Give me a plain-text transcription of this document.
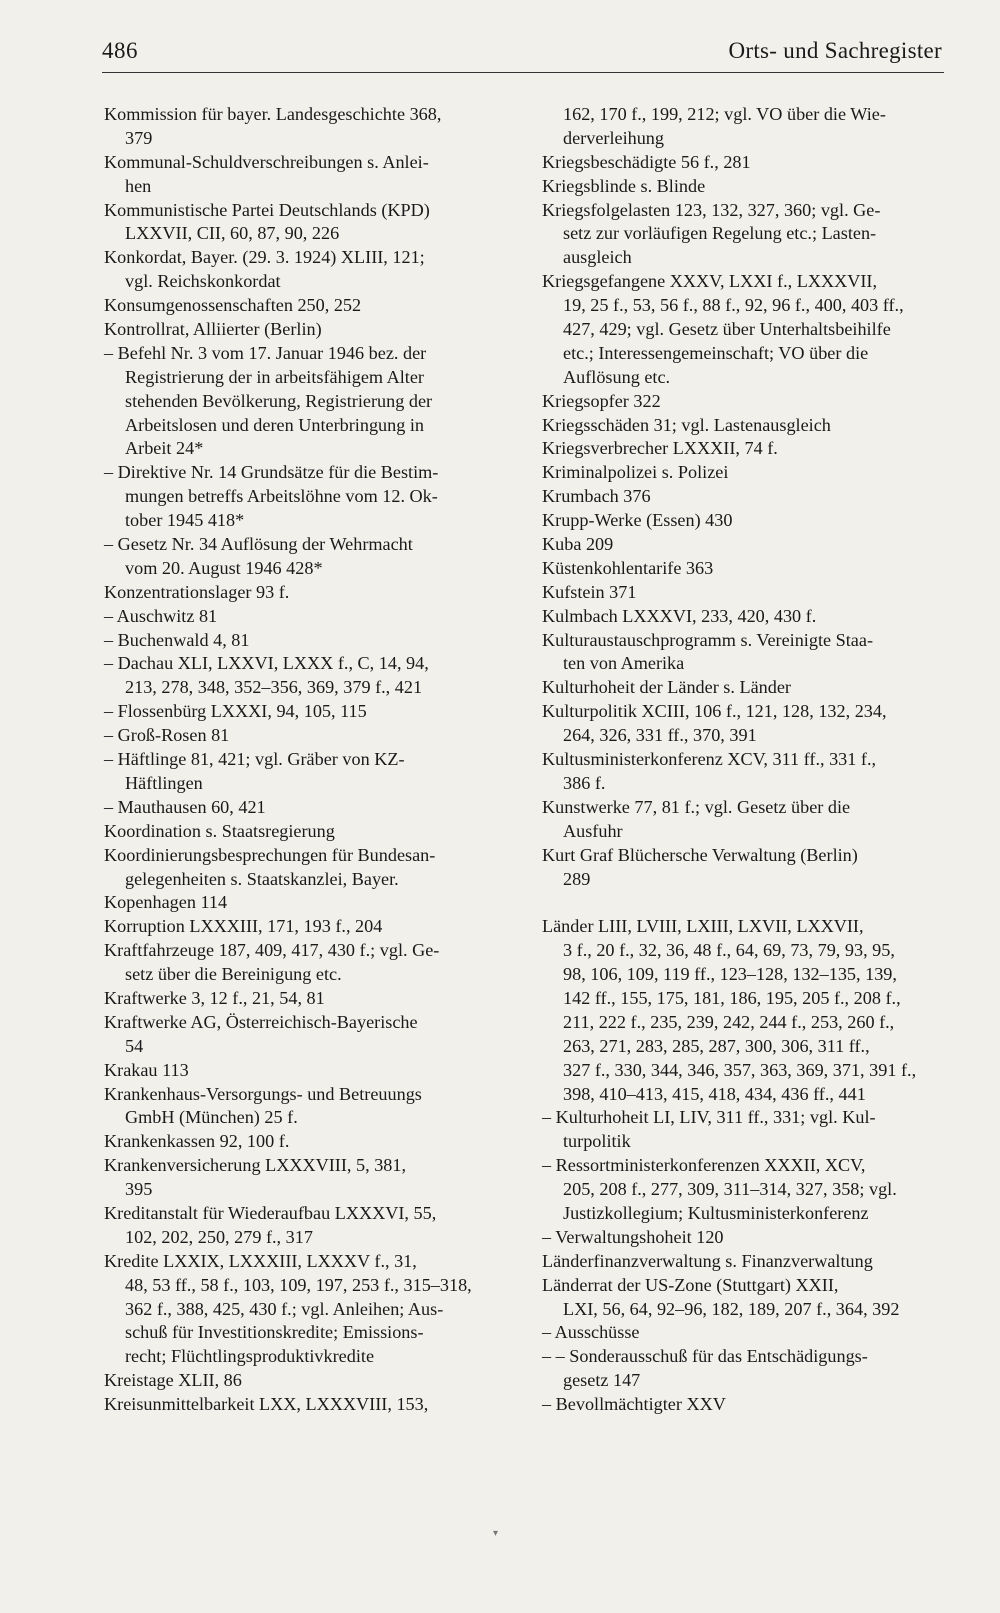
486	Orts- und Sachregister
Kommission für bayer. Landesgeschichte 368,
379
Kommunal-Schuldverschreibungen s. Anlei-
hen
Kommunistische Partei Deutschlands (KPD)
LXXVII, CII, 60, 87, 90, 226
Konkordat, Bayer. (29. 3. 1924) XLIII, 121;
vgl. Reichskonkordat
Konsumgenossenschaften 250, 252
Kontrollrat, Alliierter (Berlin)
– Befehl Nr. 3 vom 17. Januar 1946 bez. der
Registrierung der in arbeitsfähigem Alter
stehenden Bevölkerung, Registrierung der
Arbeitslosen und deren Unterbringung in
Arbeit 24*
– Direktive Nr. 14 Grundsätze für die Bestim-
mungen betreffs Arbeitslöhne vom 12. Ok-
tober 1945 418*
– Gesetz Nr. 34 Auflösung der Wehrmacht
vom 20. August 1946 428*
Konzentrationslager 93 f.
– Auschwitz 81
– Buchenwald 4, 81
– Dachau XLI, LXXVI, LXXX f., C, 14, 94,
213, 278, 348, 352–356, 369, 379 f., 421
– Flossenbürg LXXXI, 94, 105, 115
– Groß-Rosen 81
– Häftlinge 81, 421; vgl. Gräber von KZ-
Häftlingen
– Mauthausen 60, 421
Koordination s. Staatsregierung
Koordinierungsbesprechungen für Bundesan-
gelegenheiten s. Staatskanzlei, Bayer.
Kopenhagen 114
Korruption LXXXIII, 171, 193 f., 204
Kraftfahrzeuge 187, 409, 417, 430 f.; vgl. Ge-
setz über die Bereinigung etc.
Kraftwerke 3, 12 f., 21, 54, 81
Kraftwerke AG, Österreichisch-Bayerische
54
Krakau 113
Krankenhaus-Versorgungs- und Betreuungs
GmbH (München) 25 f.
Krankenkassen 92, 100 f.
Krankenversicherung LXXXVIII, 5, 381,
395
Kreditanstalt für Wiederaufbau LXXXVI, 55,
102, 202, 250, 279 f., 317
Kredite LXXIX, LXXXIII, LXXXV f., 31,
48, 53 ff., 58 f., 103, 109, 197, 253 f., 315–318,
362 f., 388, 425, 430 f.; vgl. Anleihen; Aus-
schuß für Investitionskredite; Emissions-
recht; Flüchtlingsproduktivkredite
Kreistage XLII, 86
Kreisunmittelbarkeit LXX, LXXXVIII, 153,
162, 170 f., 199, 212; vgl. VO über die Wie-
derverleihung
Kriegsbeschädigte 56 f., 281
Kriegsblinde s. Blinde
Kriegsfolgelasten 123, 132, 327, 360; vgl. Ge-
setz zur vorläufigen Regelung etc.; Lasten-
ausgleich
Kriegsgefangene XXXV, LXXI f., LXXXVII,
19, 25 f., 53, 56 f., 88 f., 92, 96 f., 400, 403 ff.,
427, 429; vgl. Gesetz über Unterhaltsbeihilfe
etc.; Interessengemeinschaft; VO über die
Auflösung etc.
Kriegsopfer 322
Kriegsschäden 31; vgl. Lastenausgleich
Kriegsverbrecher LXXXII, 74 f.
Kriminalpolizei s. Polizei
Krumbach 376
Krupp-Werke (Essen) 430
Kuba 209
Küstenkohlentarife 363
Kufstein 371
Kulmbach LXXXVI, 233, 420, 430 f.
Kulturaustauschprogramm s. Vereinigte Staa-
ten von Amerika
Kulturhoheit der Länder s. Länder
Kulturpolitik XCIII, 106 f., 121, 128, 132, 234,
264, 326, 331 ff., 370, 391
Kultusministerkonferenz XCV, 311 ff., 331 f.,
386 f.
Kunstwerke 77, 81 f.; vgl. Gesetz über die
Ausfuhr
Kurt Graf Blüchersche Verwaltung (Berlin)
289
Länder LIII, LVIII, LXIII, LXVII, LXXVII,
3 f., 20 f., 32, 36, 48 f., 64, 69, 73, 79, 93, 95,
98, 106, 109, 119 ff., 123–128, 132–135, 139,
142 ff., 155, 175, 181, 186, 195, 205 f., 208 f.,
211, 222 f., 235, 239, 242, 244 f., 253, 260 f.,
263, 271, 283, 285, 287, 300, 306, 311 ff.,
327 f., 330, 344, 346, 357, 363, 369, 371, 391 f.,
398, 410–413, 415, 418, 434, 436 ff., 441
– Kulturhoheit LI, LIV, 311 ff., 331; vgl. Kul-
turpolitik
– Ressortministerkonferenzen XXXII, XCV,
205, 208 f., 277, 309, 311–314, 327, 358; vgl.
Justizkollegium; Kultusministerkonferenz
– Verwaltungshoheit 120
Länderfinanzverwaltung s. Finanzverwaltung
Länderrat der US-Zone (Stuttgart) XXII,
LXI, 56, 64, 92–96, 182, 189, 207 f., 364, 392
– Ausschüsse
– – Sonderausschuß für das Entschädigungs-
gesetz 147
– Bevollmächtigter XXV
▾
